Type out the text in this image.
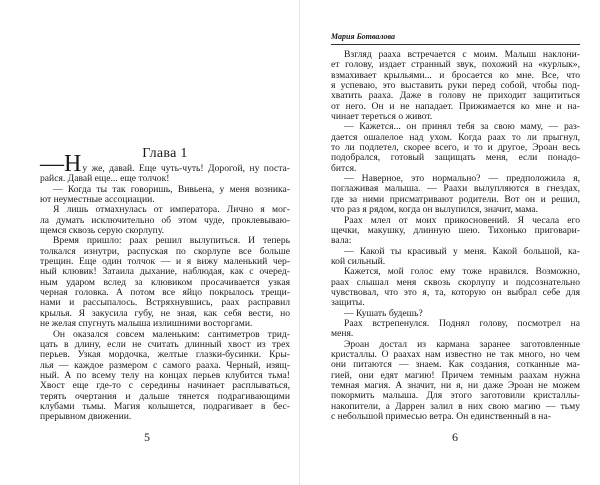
Глава 1
—Ну же, давай. Еще чуть-чуть! Дорогой, ну поста-
райся. Давай еще... еще толчок!
— Когда ты так говоришь, Вивьена, у меня возника-
ют неуместные ассоциации.
Я лишь отмахнулась от императора. Лично я мог-
ла думать исключительно об этом чуде, проклевываю-
щемся сквозь серую скорлупу.
Время пришло: раах решил вылупиться. И теперь
толкался изнутри, распуская по скорлупе все больше
трещин. Еще один толчок — и я вижу маленький чер-
ный клювик! Затаила дыхание, наблюдая, как с очеред-
ным ударом вслед за клювиком просачивается узкая
черная головка. А потом все яйцо покрылось трещи-
нами и рассыпалось. Встряхнувшись, раах расправил
крылья. Я закусила губу, не зная, как себя вести, но
не желая спугнуть малыша излишними восторгами.
Он оказался совсем маленьким: сантиметров трид-
цать в длину, если не считать длинный хвост из трех
перьев. Узкая мордочка, желтые глазки-бусинки. Кры-
лья — каждое размером с самого рааха. Черный, изящ-
ный. А по всему телу на концах перьев клубится тьма!
Хвост еще где-то с середины начинает расплываться,
терять очертания и дальше тянется подрагивающими
клубами тьмы. Магия колышется, подрагивает в бес-
прерывном движении.
5
Мария Ботвалова
Взгляд рааха встречается с моим. Малыш наклони-
ет голову, издает странный звук, похожий на «курлык»,
взмахивает крыльями... и бросается ко мне. Все, что
я успеваю, это выставить руки перед собой, чтобы под-
хватить рааха. Даже в голову не приходит защититься
от него. Он и не нападает. Прижимается ко мне и на-
чинает тереться о живот.
— Кажется... он принял тебя за свою маму, — раз-
дается ошалелое над ухом. Когда раах то ли прыгнул,
то ли подлетел, скорее всего, и то и другое, Эроан весь
подобрался, готовый защищать меня, если понадо-
бится.
— Наверное, это нормально? — предположила я,
поглаживая малыша. — Раахи вылупляются в гнездах,
где за ними присматривают родители. Вот он и решил,
что раз я рядом, когда он вылупился, значит, мама.
Раах млел от моих прикосновений. Я чесала его
щечки, макушку, длинную шею. Тихонько приговари-
вала:
— Какой ты красивый у меня. Какой большой, ка-
кой сильный.
Кажется, мой голос ему тоже нравился. Возможно,
раах слышал меня сквозь скорлупу и подсознательно
чувствовал, что это я, та, которую он выбрал себе для
защиты.
— Кушать будешь?
Раах встрепенулся. Поднял голову, посмотрел на
меня.
Эроан достал из кармана заранее заготовленные
кристаллы. О раахах нам известно не так много, но чем
они питаются — знаем. Как создания, сотканные ма-
гией, они едят магию! Причем темным раахам нужна
темная магия. А значит, ни я, ни даже Эроан не можем
покормить малыша. Для этого заготовили кристаллы-
накопители, а Даррен залил в них свою магию — тьму
с небольшой примесью ветра. Он единственный в на-
6
